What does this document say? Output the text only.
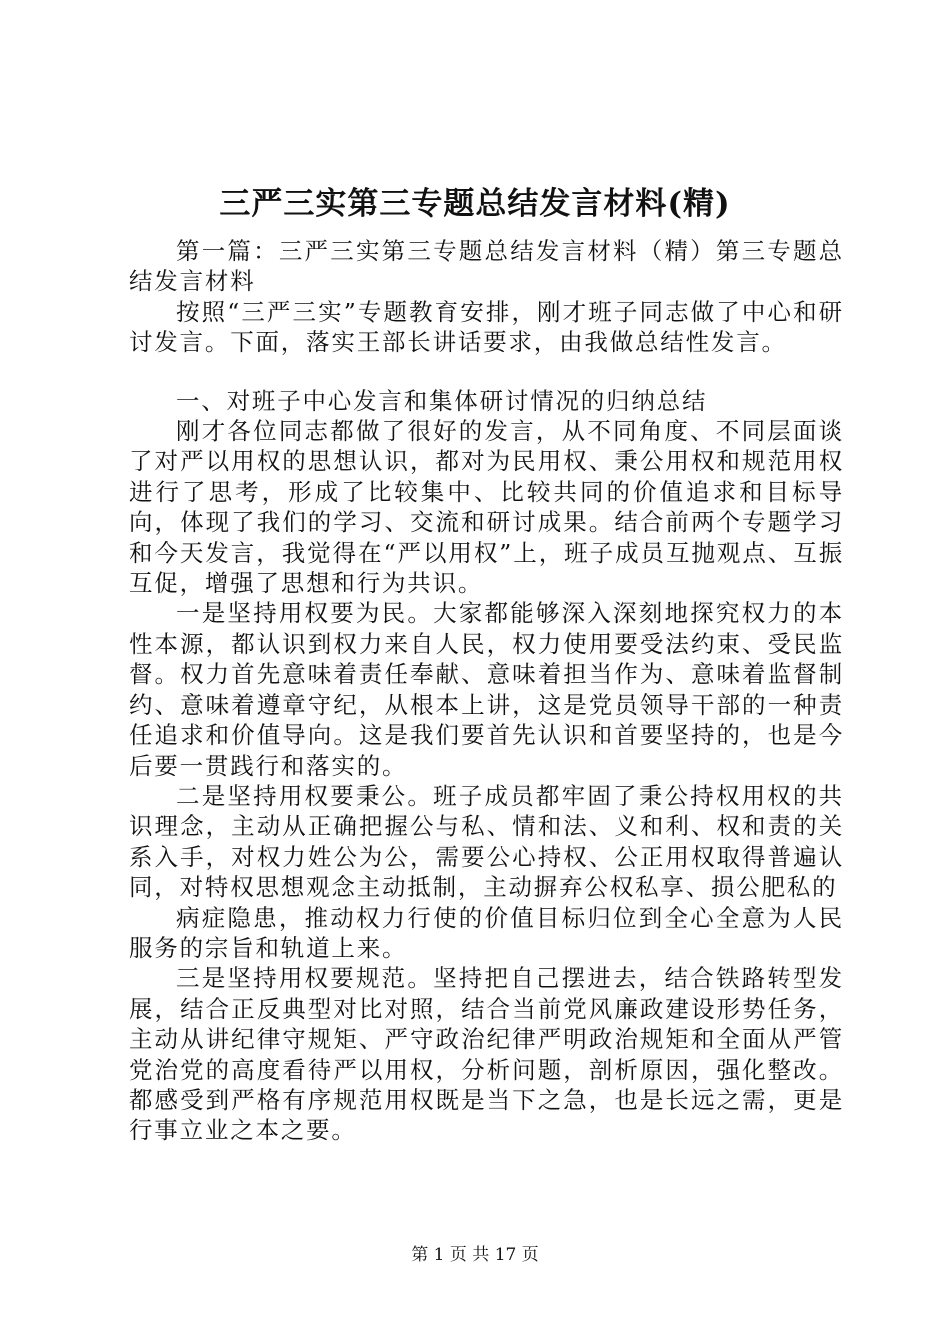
三严三实第三专题总结发言材料(精)

第一篇：三严三实第三专题总结发言材料（精）第三专题总结发言材料

按照“三严三实”专题教育安排，刚才班子同志做了中心和研讨发言。下面，落实王部长讲话要求，由我做总结性发言。

一、对班子中心发言和集体研讨情况的归纳总结

刚才各位同志都做了很好的发言，从不同角度、不同层面谈了对严以用权的思想认识，都对为民用权、秉公用权和规范用权进行了思考，形成了比较集中、比较共同的价值追求和目标导向，体现了我们的学习、交流和研讨成果。结合前两个专题学习和今天发言，我觉得在“严以用权”上，班子成员互抛观点、互振互促，增强了思想和行为共识。

一是坚持用权要为民。大家都能够深入深刻地探究权力的本性本源，都认识到权力来自人民，权力使用要受法约束、受民监督。权力首先意味着责任奉献、意味着担当作为、意味着监督制约、意味着遵章守纪，从根本上讲，这是党员领导干部的一种责任追求和价值导向。这是我们要首先认识和首要坚持的，也是今后要一贯践行和落实的。

二是坚持用权要秉公。班子成员都牢固了秉公持权用权的共识理念，主动从正确把握公与私、情和法、义和利、权和责的关系入手，对权力姓公为公，需要公心持权、公正用权取得普遍认同，对特权思想观念主动抵制，主动摒弃公权私享、损公肥私的

病症隐患，推动权力行使的价值目标归位到全心全意为人民服务的宗旨和轨道上来。

三是坚持用权要规范。坚持把自己摆进去，结合铁路转型发展，结合正反典型对比对照，结合当前党风廉政建设形势任务，主动从讲纪律守规矩、严守政治纪律严明政治规矩和全面从严管党治党的高度看待严以用权，分析问题，剖析原因，强化整改。都感受到严格有序规范用权既是当下之急，也是长远之需，更是行事立业之本之要。

第 1 页 共 17 页
